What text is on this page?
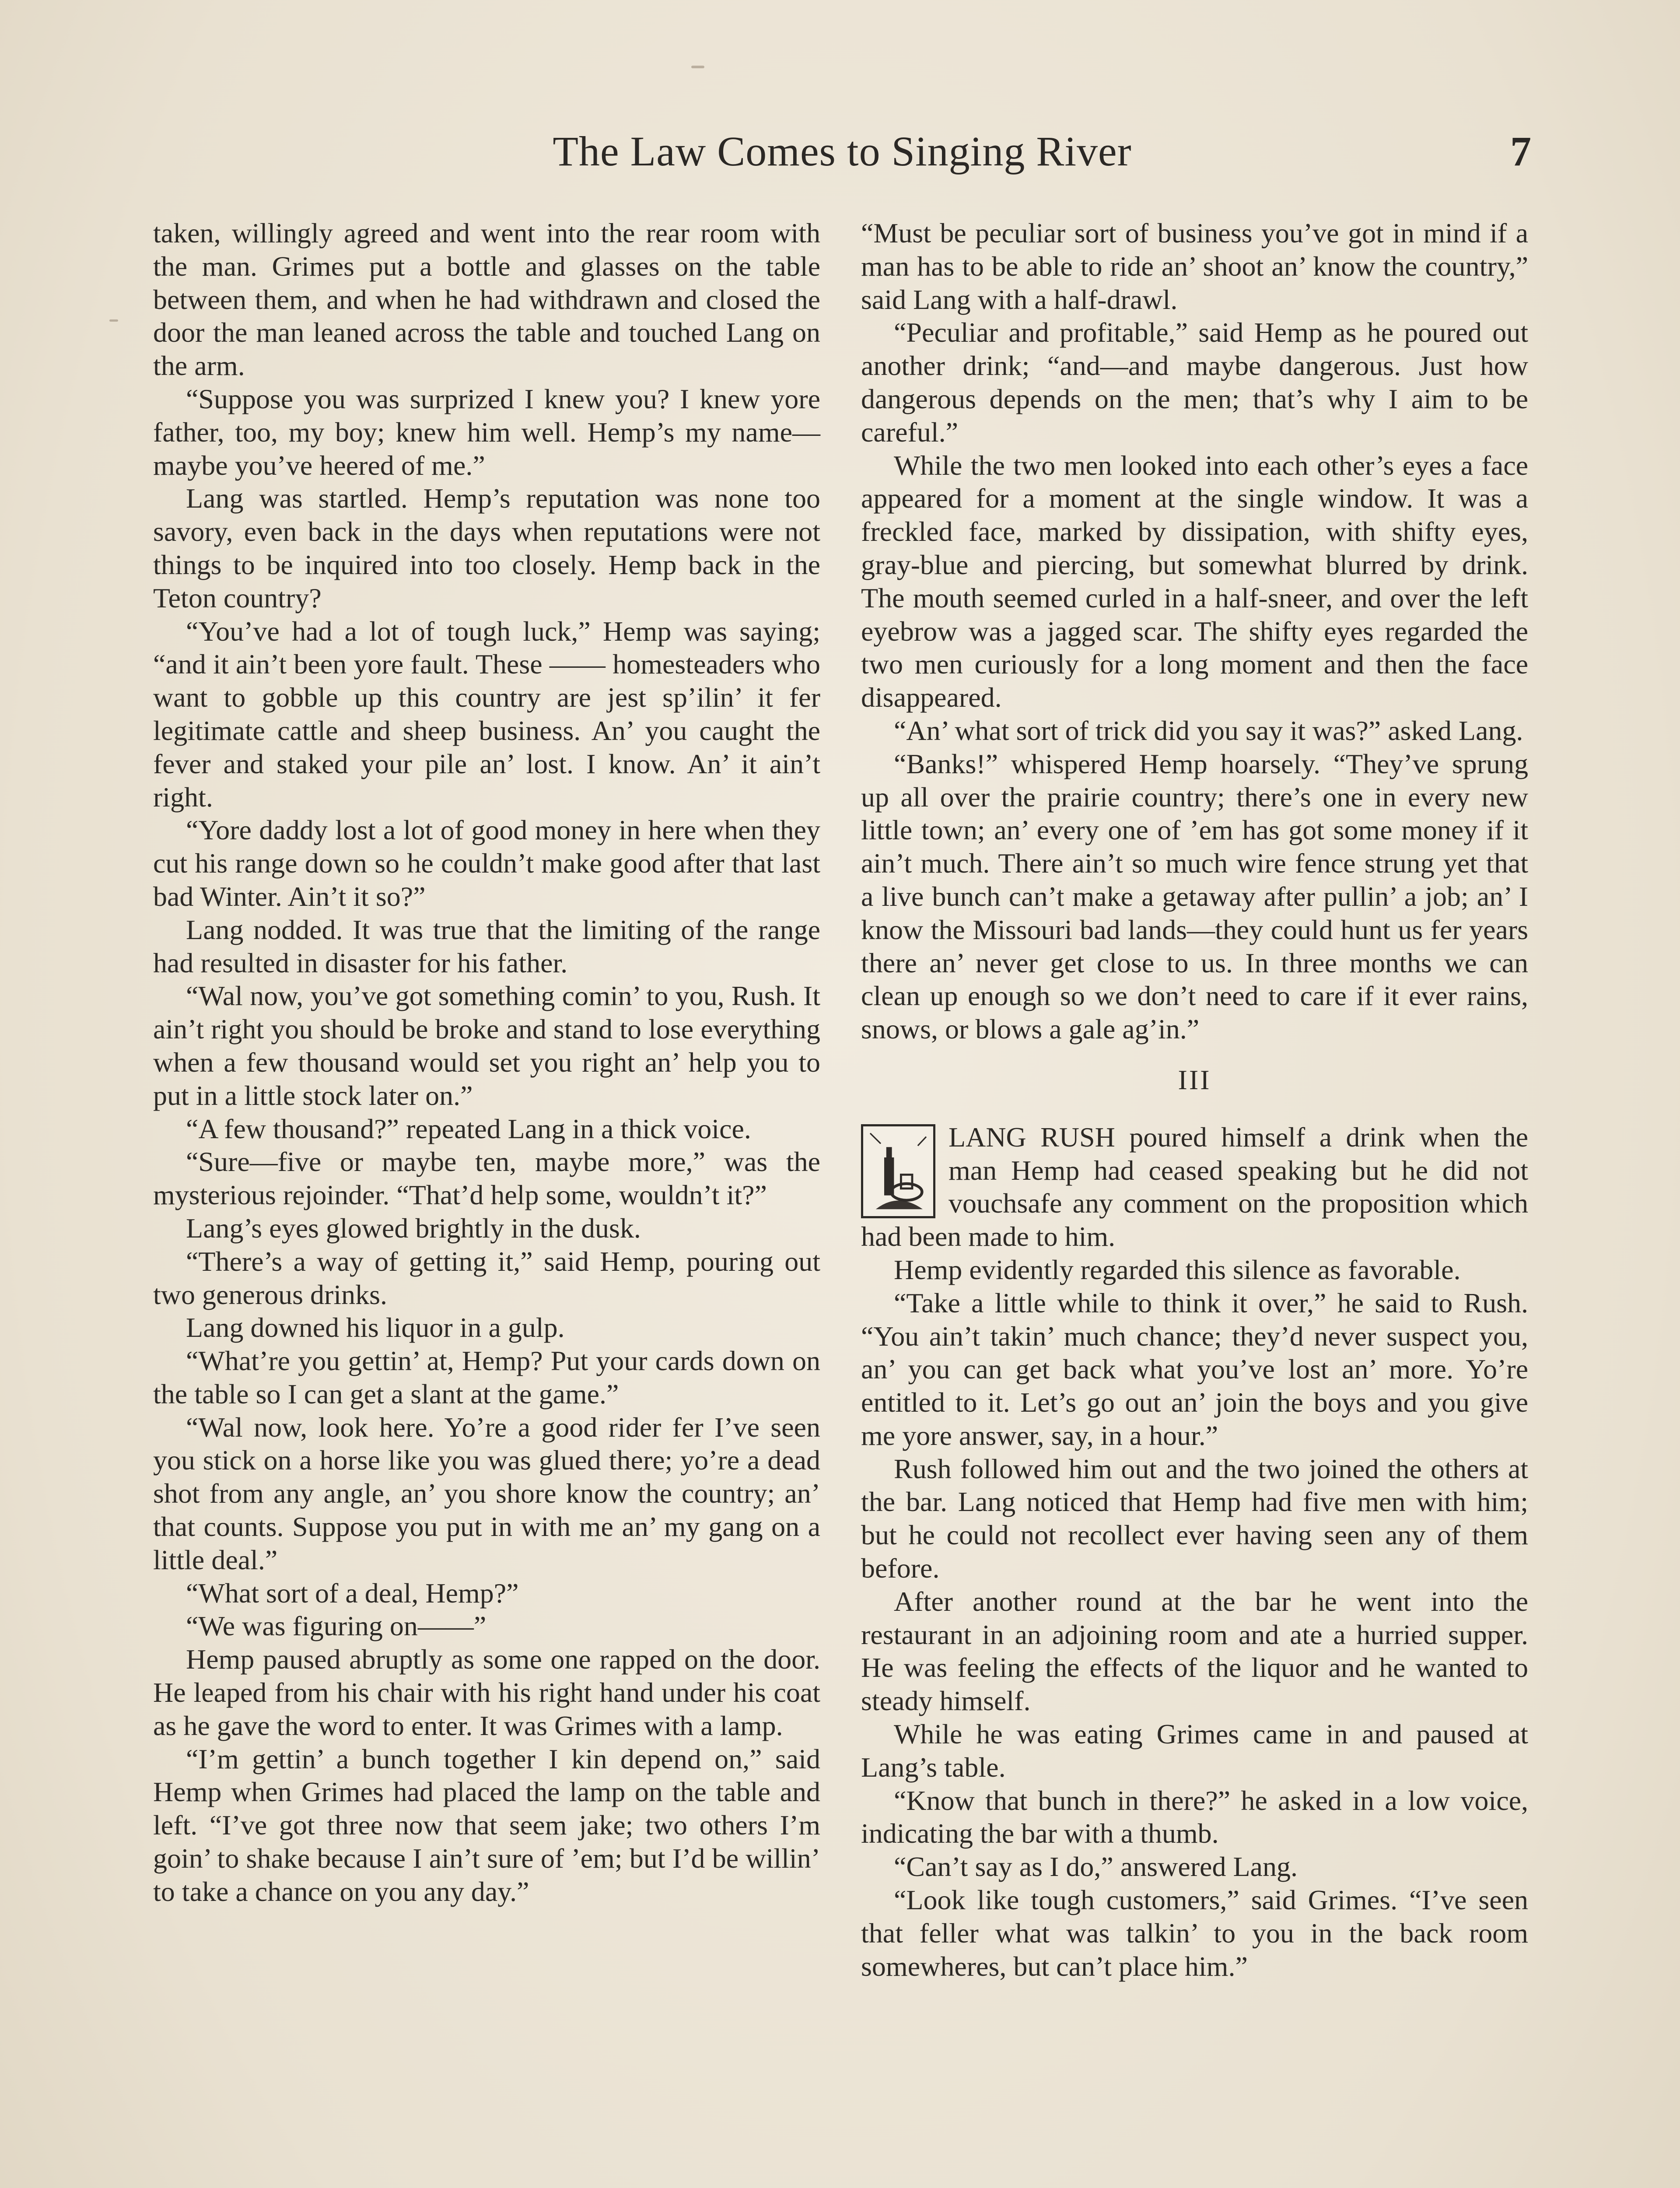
The Law Comes to Singing River	7

taken, willingly agreed and went into the rear room with the man. Grimes put a bottle and glasses on the table between them, and when he had withdrawn and closed the door the man leaned across the table and touched Lang on the arm.

“Suppose you was surprized I knew you? I knew yore father, too, my boy; knew him well. Hemp’s my name—maybe you’ve heered of me.”

Lang was startled. Hemp’s reputation was none too savory, even back in the days when reputations were not things to be inquired into too closely. Hemp back in the Teton country?

“You’ve had a lot of tough luck,” Hemp was saying; “and it ain’t been yore fault. These —— homesteaders who want to gobble up this country are jest sp’ilin’ it fer legitimate cattle and sheep business. An’ you caught the fever and staked your pile an’ lost. I know. An’ it ain’t right.

“Yore daddy lost a lot of good money in here when they cut his range down so he couldn’t make good after that last bad Winter. Ain’t it so?”

Lang nodded. It was true that the limiting of the range had resulted in disaster for his father.

“Wal now, you’ve got something comin’ to you, Rush. It ain’t right you should be broke and stand to lose everything when a few thousand would set you right an’ help you to put in a little stock later on.”

“A few thousand?” repeated Lang in a thick voice.

“Sure—five or maybe ten, maybe more,” was the mysterious rejoinder. “That’d help some, wouldn’t it?”

Lang’s eyes glowed brightly in the dusk.

“There’s a way of getting it,” said Hemp, pouring out two generous drinks.

Lang downed his liquor in a gulp.

“What’re you gettin’ at, Hemp? Put your cards down on the table so I can get a slant at the game.”

“Wal now, look here. Yo’re a good rider fer I’ve seen you stick on a horse like you was glued there; yo’re a dead shot from any angle, an’ you shore know the country; an’ that counts. Suppose you put in with me an’ my gang on a little deal.”

“What sort of a deal, Hemp?”

“We was figuring on——”

Hemp paused abruptly as some one rapped on the door. He leaped from his chair with his right hand under his coat as he gave the word to enter. It was Grimes with a lamp.

“I’m gettin’ a bunch together I kin depend on,” said Hemp when Grimes had placed the lamp on the table and left. “I’ve got three now that seem jake; two others I’m goin’ to shake because I ain’t sure of ’em; but I’d be willin’ to take a chance on you any day.”

“Must be peculiar sort of business you’ve got in mind if a man has to be able to ride an’ shoot an’ know the country,” said Lang with a half-drawl.

“Peculiar and profitable,” said Hemp as he poured out another drink; “and—and maybe dangerous. Just how dangerous depends on the men; that’s why I aim to be careful.”

While the two men looked into each other’s eyes a face appeared for a moment at the single window. It was a freckled face, marked by dissipation, with shifty eyes, gray-blue and piercing, but somewhat blurred by drink. The mouth seemed curled in a half-sneer, and over the left eyebrow was a jagged scar. The shifty eyes regarded the two men curiously for a long moment and then the face disappeared.

“An’ what sort of trick did you say it was?” asked Lang.

“Banks!” whispered Hemp hoarsely. “They’ve sprung up all over the prairie country; there’s one in every new little town; an’ every one of ’em has got some money if it ain’t much. There ain’t so much wire fence strung yet that a live bunch can’t make a getaway after pullin’ a job; an’ I know the Missouri bad lands—they could hunt us fer years there an’ never get close to us. In three months we can clean up enough so we don’t need to care if it ever rains, snows, or blows a gale ag’in.”

III

LANG RUSH poured himself a drink when the man Hemp had ceased speaking but he did not vouchsafe any comment on the proposition which had been made to him.

Hemp evidently regarded this silence as favorable.

“Take a little while to think it over,” he said to Rush. “You ain’t takin’ much chance; they’d never suspect you, an’ you can get back what you’ve lost an’ more. Yo’re entitled to it. Let’s go out an’ join the boys and you give me yore answer, say, in a hour.”

Rush followed him out and the two joined the others at the bar. Lang noticed that Hemp had five men with him; but he could not recollect ever having seen any of them before.

After another round at the bar he went into the restaurant in an adjoining room and ate a hurried supper. He was feeling the effects of the liquor and he wanted to steady himself.

While he was eating Grimes came in and paused at Lang’s table.

“Know that bunch in there?” he asked in a low voice, indicating the bar with a thumb.

“Can’t say as I do,” answered Lang.

“Look like tough customers,” said Grimes. “I’ve seen that feller what was talkin’ to you in the back room somewheres, but can’t place him.”
